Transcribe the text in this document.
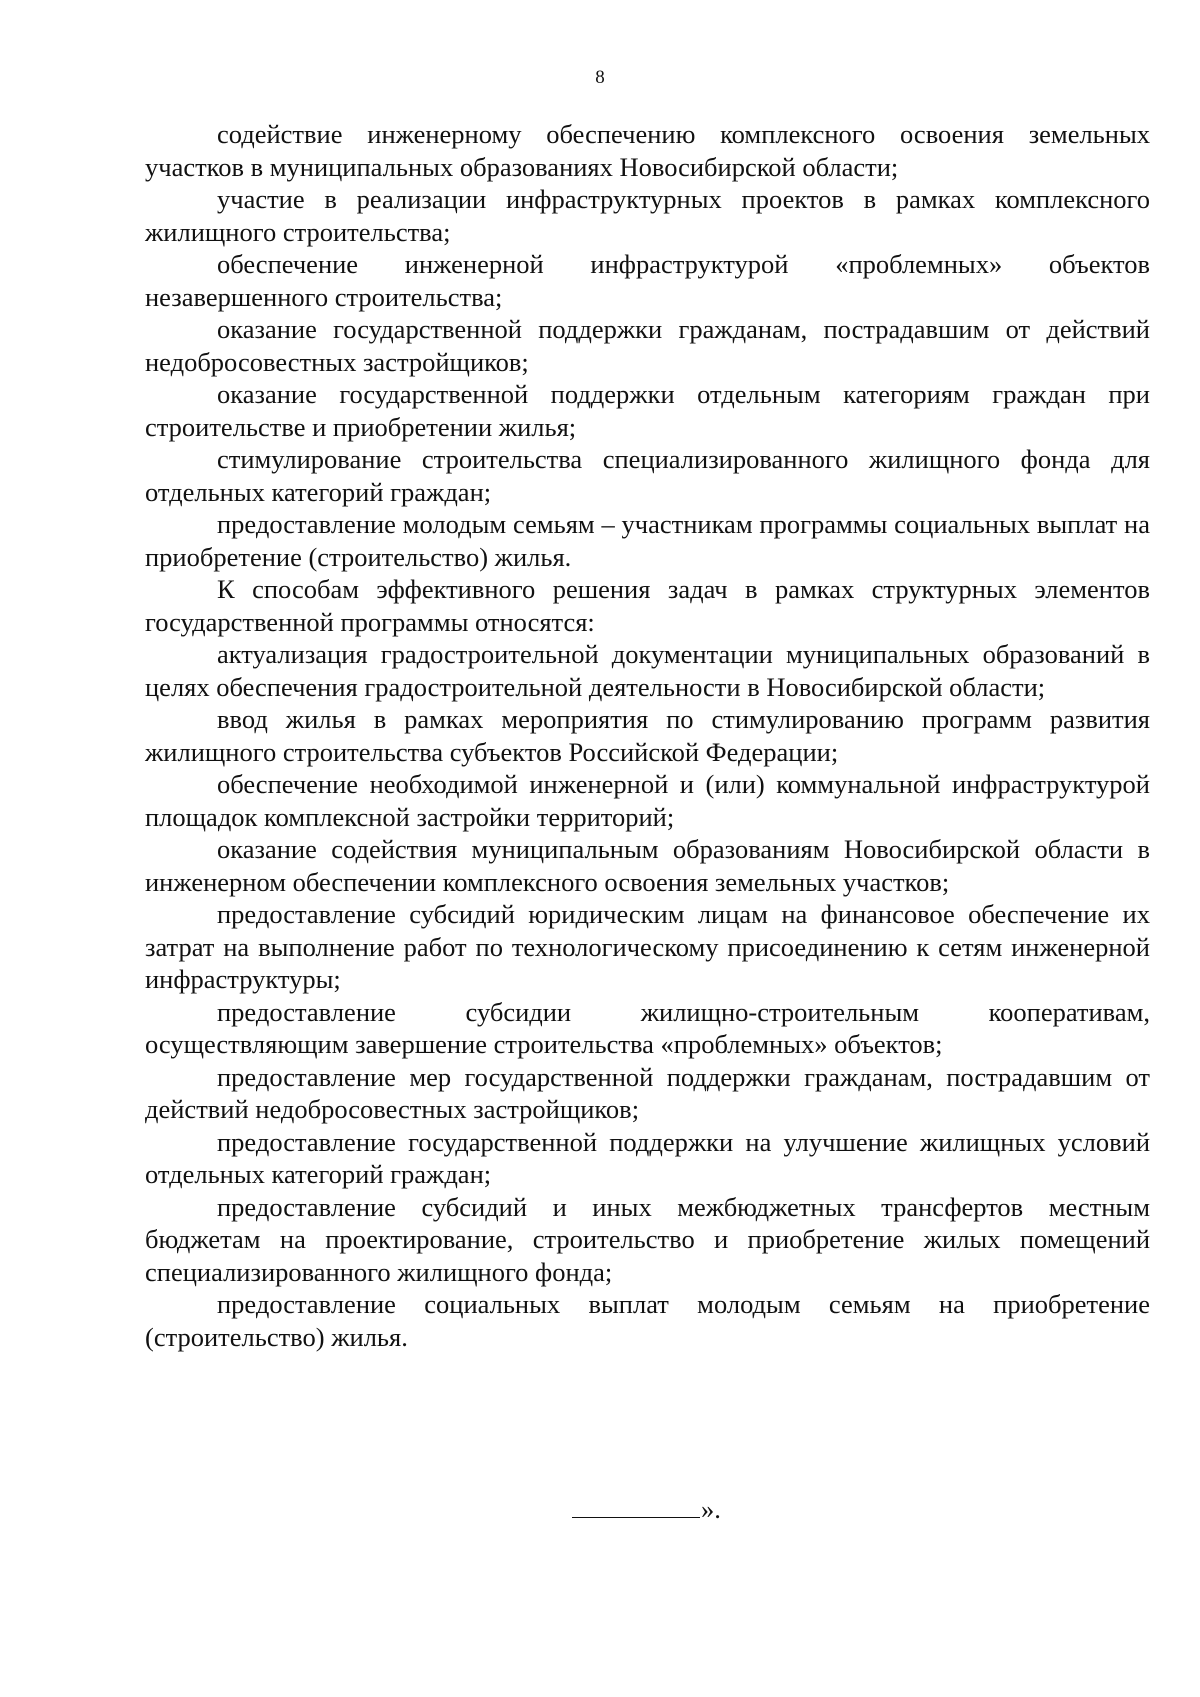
8

содействие инженерному обеспечению комплексного освоения земельных участков в муниципальных образованиях Новосибирской области;

участие в реализации инфраструктурных проектов в рамках комплексного жилищного строительства;

обеспечение инженерной инфраструктурой «проблемных» объектов незавершенного строительства;

оказание государственной поддержки гражданам, пострадавшим от действий недобросовестных застройщиков;

оказание государственной поддержки отдельным категориям граждан при строительстве и приобретении жилья;

стимулирование строительства специализированного жилищного фонда для отдельных категорий граждан;

предоставление молодым семьям – участникам программы социальных выплат на приобретение (строительство) жилья.

К способам эффективного решения задач в рамках структурных элементов государственной программы относятся:

актуализация градостроительной документации муниципальных образований в целях обеспечения градостроительной деятельности в Новосибирской области;

ввод жилья в рамках мероприятия по стимулированию программ развития жилищного строительства субъектов Российской Федерации;

обеспечение необходимой инженерной и (или) коммунальной инфраструктурой площадок комплексной застройки территорий;

оказание содействия муниципальным образованиям Новосибирской области в инженерном обеспечении комплексного освоения земельных участков;

предоставление субсидий юридическим лицам на финансовое обеспечение их затрат на выполнение работ по технологическому присоединению к сетям инженерной инфраструктуры;

предоставление субсидии жилищно-строительным кооперативам, осуществляющим завершение строительства «проблемных» объектов;

предоставление мер государственной поддержки гражданам, пострадавшим от действий недобросовестных застройщиков;

предоставление государственной поддержки на улучшение жилищных условий отдельных категорий граждан;

предоставление субсидий и иных межбюджетных трансфертов местным бюджетам на проектирование, строительство и приобретение жилых помещений специализированного жилищного фонда;

предоставление социальных выплат молодым семьям на приобретение (строительство) жилья.

».
